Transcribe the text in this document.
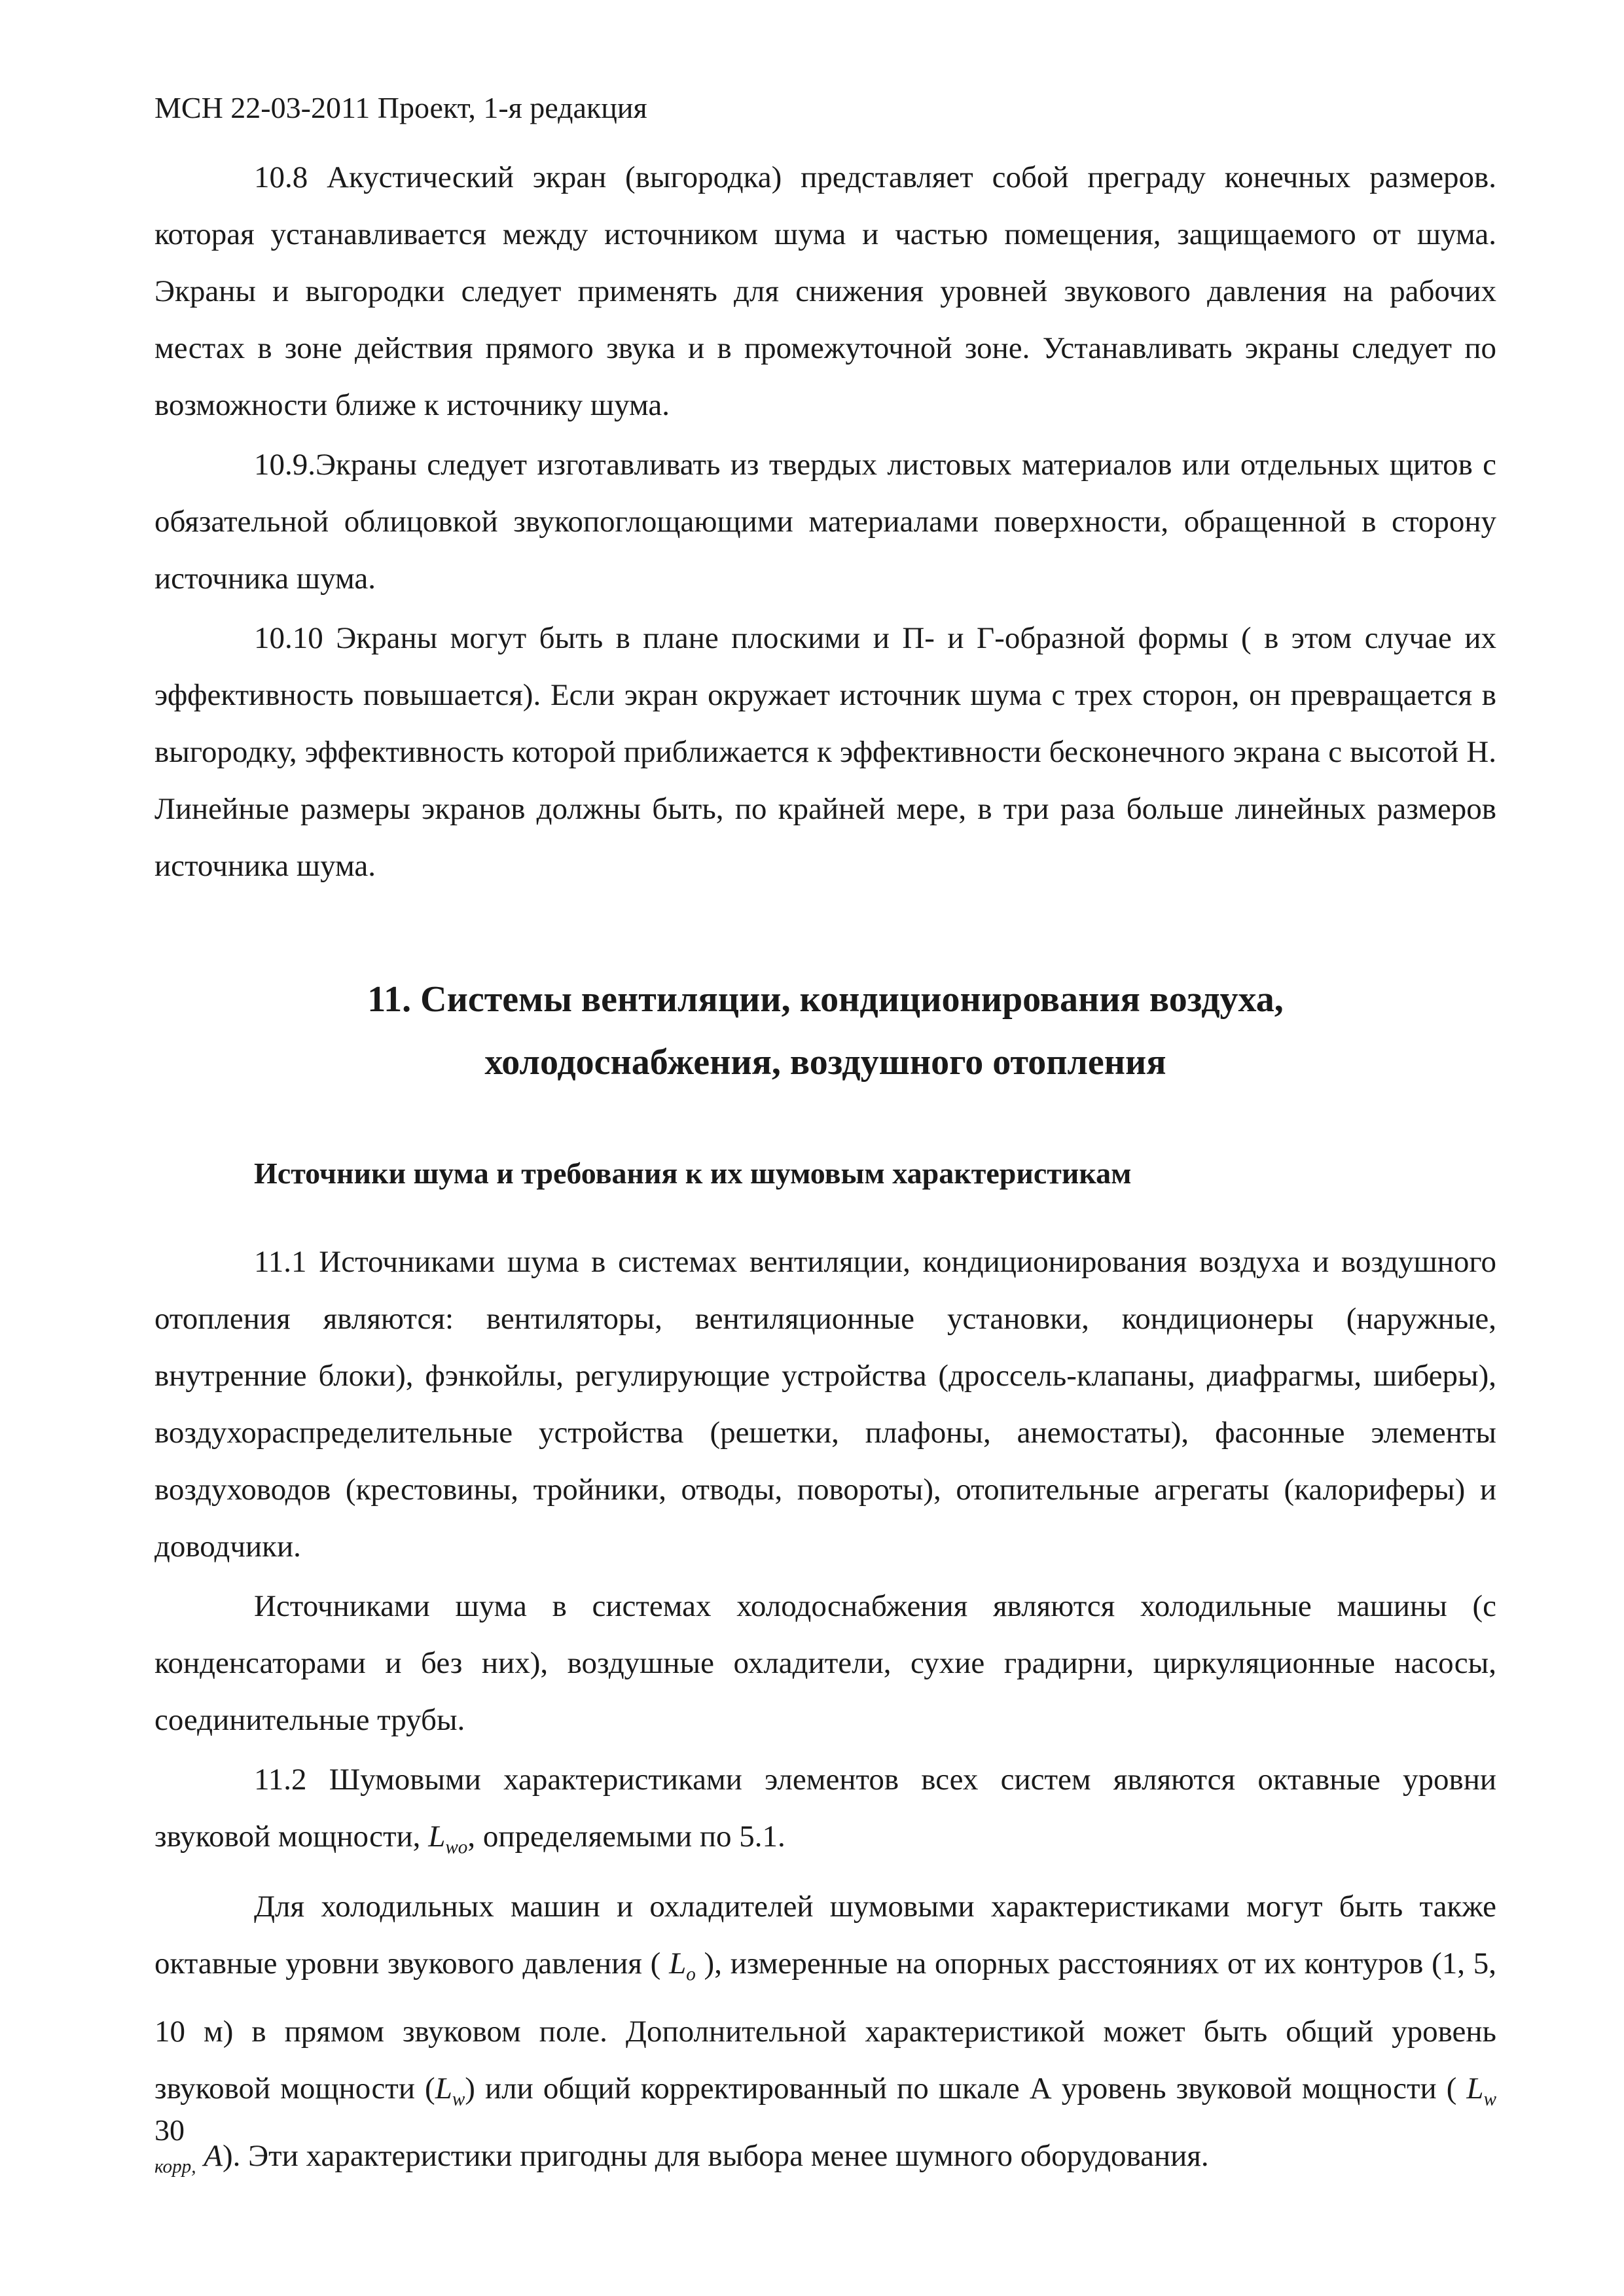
МСН 22-03-2011 Проект, 1-я редакция

10.8 Акустический экран (выгородка) представляет собой преграду конечных размеров. которая устанавливается между источником шума и частью помещения, защищаемого от шума. Экраны и выгородки следует применять для снижения уровней звукового давления на рабочих местах в зоне действия прямого звука и в промежуточной зоне. Устанавливать экраны следует по возможности ближе к источнику шума.

10.9.Экраны следует изготавливать из твердых листовых материалов или отдельных щитов с обязательной облицовкой звукопоглощающими материалами поверхности, обращенной в сторону источника шума.

10.10 Экраны могут быть в плане плоскими и П- и Г-образной формы ( в этом случае их эффективность повышается). Если экран окружает источник шума с трех сторон, он превращается в выгородку, эффективность которой приближается к эффективности бесконечного экрана с высотой Н. Линейные размеры экранов должны быть, по крайней мере, в три раза больше линейных размеров источника шума.

11. Системы вентиляции, кондиционирования воздуха,
холодоснабжения, воздушного отопления
Источники шума и требования к их шумовым характеристикам

11.1 Источниками шума в системах вентиляции, кондиционирования воздуха и воздушного отопления являются: вентиляторы, вентиляционные установки, кондиционеры (наружные, внутренние блоки), фэнкойлы, регулирующие устройства (дроссель-клапаны, диафрагмы, шиберы), воздухораспределительные устройства (решетки, плафоны, анемостаты), фасонные элементы воздуховодов (крестовины, тройники, отводы, повороты), отопительные агрегаты (калориферы) и доводчики.

Источниками шума в системах холодоснабжения являются холодильные машины (с конденсаторами и без них), воздушные охладители, сухие градирни, циркуляционные насосы, соединительные трубы.

11.2 Шумовыми характеристиками элементов всех систем являются октавные уровни звуковой мощности, $L_{wo}$, определяемыми по 5.1.

Для холодильных машин и охладителей шумовыми характеристиками могут быть также октавные уровни звукового давления ( $L_o$ ), измеренные на опорных расстояниях от их контуров (1, 5, 10 м) в прямом звуковом поле. Дополнительной характеристикой может быть общий уровень звуковой мощности $(L_w)$ или общий корректированный по шкале А уровень звуковой мощности ( $L_{w корр,}$ A). Эти характеристики пригодны для выбора менее шумного оборудования.

30
